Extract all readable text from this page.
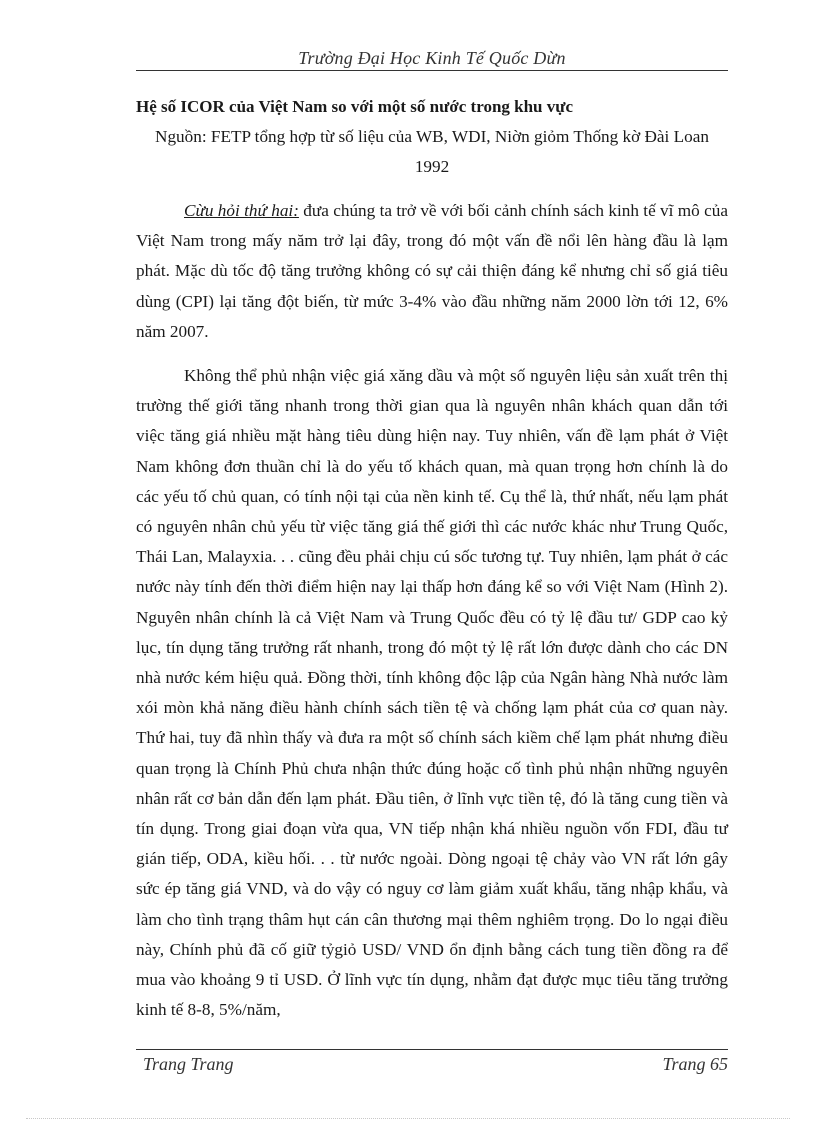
Trường Đại Học Kinh Tế Quốc Dừn

Hệ số ICOR của Việt Nam so với một số nước trong khu vực

Nguồn: FETP tổng hợp từ số liệu của WB, WDI, Niờn giỏm Thống kờ Đài Loan 1992

Cừu hỏi thứ hai: đưa chúng ta trở về với bối cảnh chính sách kinh tế vĩ mô của Việt Nam trong mấy năm trở lại đây, trong đó một vấn đề nổi lên hàng đầu là lạm phát. Mặc dù tốc độ tăng trưởng không có sự cải thiện đáng kể nhưng chỉ số giá tiêu dùng (CPI) lại tăng đột biến, từ mức 3-4% vào đầu những năm 2000 lờn tới 12, 6% năm 2007.

Không thể phủ nhận việc giá xăng dầu và một số nguyên liệu sản xuất trên thị trường thế giới tăng nhanh trong thời gian qua là nguyên nhân khách quan dẫn tới việc tăng giá nhiều mặt hàng tiêu dùng hiện nay. Tuy nhiên, vấn đề lạm phát ở Việt Nam không đơn thuần chỉ là do yếu tố khách quan, mà quan trọng hơn chính là do các yếu tố chủ quan, có tính nội tại của nền kinh tế. Cụ thể là, thứ nhất, nếu lạm phát có nguyên nhân chủ yếu từ việc tăng giá thế giới thì các nước khác như Trung Quốc, Thái Lan, Malayxia. . . cũng đều phải chịu cú sốc tương tự. Tuy nhiên, lạm phát ở các nước này tính đến thời điểm hiện nay lại thấp hơn đáng kể so với Việt Nam (Hình 2). Nguyên nhân chính là cả Việt Nam và Trung Quốc đều có tỷ lệ đầu tư/ GDP cao kỷ lục, tín dụng tăng trưởng rất nhanh, trong đó một tỷ lệ rất lớn được dành cho các DN nhà nước kém hiệu quả. Đồng thời, tính không độc lập của Ngân hàng Nhà nước làm xói mòn khả năng điều hành chính sách tiền tệ và chống lạm phát của cơ quan này. Thứ hai, tuy đã nhìn thấy và đưa ra một số chính sách kiềm chế lạm phát nhưng điều quan trọng là Chính Phủ chưa nhận thức đúng hoặc cố tình phủ nhận những nguyên nhân rất cơ bản dẫn đến lạm phát. Đầu tiên, ở lĩnh vực tiền tệ, đó là tăng cung tiền và tín dụng. Trong giai đoạn vừa qua, VN tiếp nhận khá nhiều nguồn vốn FDI, đầu tư gián tiếp, ODA, kiều hối. . . từ nước ngoài. Dòng ngoại tệ chảy vào VN rất lớn gây sức ép tăng giá VND, và do vậy có nguy cơ làm giảm xuất khẩu, tăng nhập khẩu, và làm cho tình trạng thâm hụt cán cân thương mại thêm nghiêm trọng. Do lo ngại điều này, Chính phủ đã cố giữ tỷgiỏ USD/ VND ổn định bằng cách tung tiền đồng ra để mua vào khoảng 9 tỉ USD. Ở lĩnh vực tín dụng, nhằm đạt được mục tiêu tăng trưởng kinh tế 8-8, 5%/năm,

Trang Trang	Trang 65
